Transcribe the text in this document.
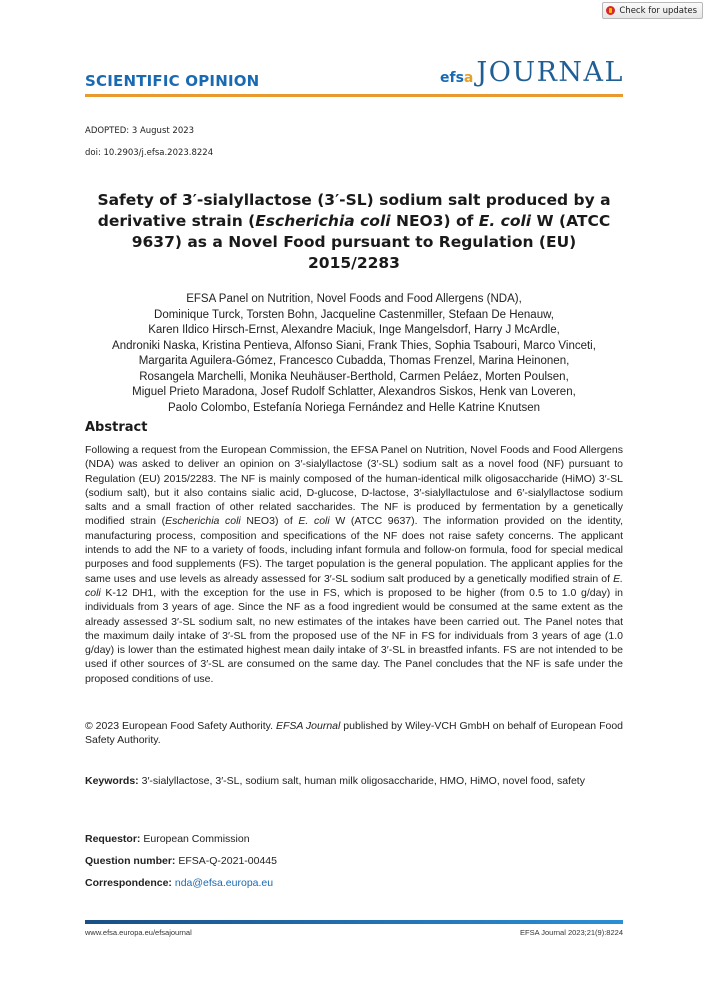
Check for updates
SCIENTIFIC OPINION	efsa JOURNAL
ADOPTED: 3 August 2023
doi: 10.2903/j.efsa.2023.8224
Safety of 3′-sialyllactose (3′-SL) sodium salt produced by a derivative strain (Escherichia coli NEO3) of E. coli W (ATCC 9637) as a Novel Food pursuant to Regulation (EU) 2015/2283
EFSA Panel on Nutrition, Novel Foods and Food Allergens (NDA),
Dominique Turck, Torsten Bohn, Jacqueline Castenmiller, Stefaan De Henauw,
Karen Ildico Hirsch-Ernst, Alexandre Maciuk, Inge Mangelsdorf, Harry J McArdle,
Androniki Naska, Kristina Pentieva, Alfonso Siani, Frank Thies, Sophia Tsabouri, Marco Vinceti,
Margarita Aguilera-Gómez, Francesco Cubadda, Thomas Frenzel, Marina Heinonen,
Rosangela Marchelli, Monika Neuhäuser-Berthold, Carmen Peláez, Morten Poulsen,
Miguel Prieto Maradona, Josef Rudolf Schlatter, Alexandros Siskos, Henk van Loveren,
Paolo Colombo, Estefanía Noriega Fernández and Helle Katrine Knutsen
Abstract
Following a request from the European Commission, the EFSA Panel on Nutrition, Novel Foods and Food Allergens (NDA) was asked to deliver an opinion on 3′-sialyllactose (3′-SL) sodium salt as a novel food (NF) pursuant to Regulation (EU) 2015/2283. The NF is mainly composed of the human-identical milk oligosaccharide (HiMO) 3′-SL (sodium salt), but it also contains sialic acid, D-glucose, D-lactose, 3′-sialyllactulose and 6′-sialyllactose sodium salts and a small fraction of other related saccharides. The NF is produced by fermentation by a genetically modified strain (Escherichia coli NEO3) of E. coli W (ATCC 9637). The information provided on the identity, manufacturing process, composition and specifications of the NF does not raise safety concerns. The applicant intends to add the NF to a variety of foods, including infant formula and follow-on formula, food for special medical purposes and food supplements (FS). The target population is the general population. The applicant applies for the same uses and use levels as already assessed for 3′-SL sodium salt produced by a genetically modified strain of E. coli K-12 DH1, with the exception for the use in FS, which is proposed to be higher (from 0.5 to 1.0 g/day) in individuals from 3 years of age. Since the NF as a food ingredient would be consumed at the same extent as the already assessed 3′-SL sodium salt, no new estimates of the intakes have been carried out. The Panel notes that the maximum daily intake of 3′-SL from the proposed use of the NF in FS for individuals from 3 years of age (1.0 g/day) is lower than the estimated highest mean daily intake of 3′-SL in breastfed infants. FS are not intended to be used if other sources of 3′-SL are consumed on the same day. The Panel concludes that the NF is safe under the proposed conditions of use.
© 2023 European Food Safety Authority. EFSA Journal published by Wiley-VCH GmbH on behalf of European Food Safety Authority.
Keywords: 3′-sialyllactose, 3′-SL, sodium salt, human milk oligosaccharide, HMO, HiMO, novel food, safety
Requestor: European Commission
Question number: EFSA-Q-2021-00445
Correspondence: nda@efsa.europa.eu
www.efsa.europa.eu/efsajournal	EFSA Journal 2023;21(9):8224
